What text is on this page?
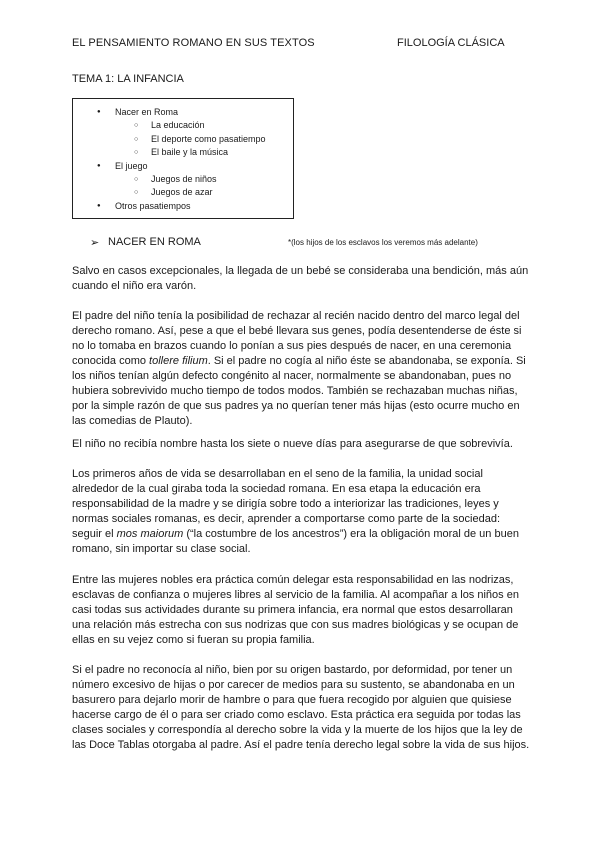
EL PENSAMIENTO ROMANO EN SUS TEXTOS	FILOLOGÍA CLÁSICA
TEMA 1: LA INFANCIA
● Nacer en Roma
○ La educación
○ El deporte como pasatiempo
○ El baile y la música
● El juego
○ Juegos de niños
○ Juegos de azar
● Otros pasatiempos
➢ NACER EN ROMA	*(los hijos de los esclavos los veremos más adelante)

Salvo en casos excepcionales, la llegada de un bebé se consideraba una bendición, más aún cuando el niño era varón.

El padre del niño tenía la posibilidad de rechazar al recién nacido dentro del marco legal del derecho romano. Así, pese a que el bebé llevara sus genes, podía desentenderse de éste si no lo tomaba en brazos cuando lo ponían a sus pies después de nacer, en una ceremonia conocida como tollere filium. Si el padre no cogía al niño éste se abandonaba, se exponía. Si los niños tenían algún defecto congénito al nacer, normalmente se abandonaban, pues no hubiera sobrevivido mucho tiempo de todos modos. También se rechazaban muchas niñas, por la simple razón de que sus padres ya no querían tener más hijas (esto ocurre mucho en las comedias de Plauto).

El niño no recibía nombre hasta los siete o nueve días para asegurarse de que sobrevivía.

Los primeros años de vida se desarrollaban en el seno de la familia, la unidad social alrededor de la cual giraba toda la sociedad romana. En esa etapa la educación era responsabilidad de la madre y se dirigía sobre todo a interiorizar las tradiciones, leyes y normas sociales romanas, es decir, aprender a comportarse como parte de la sociedad: seguir el mos maiorum (“la costumbre de los ancestros”) era la obligación moral de un buen romano, sin importar su clase social.

Entre las mujeres nobles era práctica común delegar esta responsabilidad en las nodrizas, esclavas de confianza o mujeres libres al servicio de la familia. Al acompañar a los niños en casi todas sus actividades durante su primera infancia, era normal que estos desarrollaran una relación más estrecha con sus nodrizas que con sus madres biológicas y se ocupan de ellas en su vejez como si fueran su propia familia.

Si el padre no reconocía al niño, bien por su origen bastardo, por deformidad, por tener un número excesivo de hijas o por carecer de medios para su sustento, se abandonaba en un basurero para dejarlo morir de hambre o para que fuera recogido por alguien que quisiese hacerse cargo de él o para ser criado como esclavo. Esta práctica era seguida por todas las clases sociales y correspondía al derecho sobre la vida y la muerte de los hijos que la ley de las Doce Tablas otorgaba al padre. Así el padre tenía derecho legal sobre la vida de sus hijos.
